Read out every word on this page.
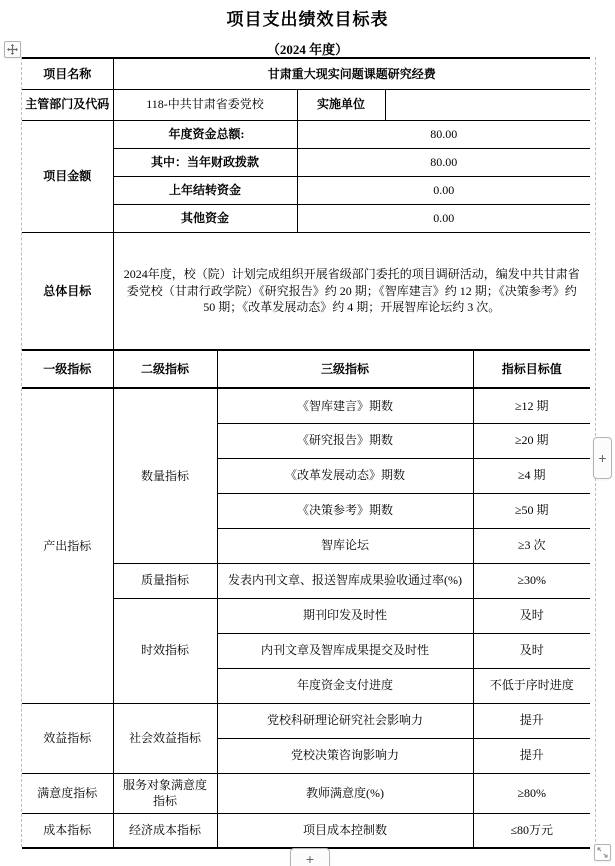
项目支出绩效目标表
（2024 年度）
项目名称	甘肃重大现实问题课题研究经费				
主管部门及代码	118-中共甘肃省委党校		实施单位		
项目金额	年度资金总额:		80.00		
	其中：当年财政拨款		80.00		
	上年结转资金		0.00		
	其他资金		0.00		
总体目标	2024年度，校（院）计划完成组织开展省级部门委托的项目调研活动，编发中共甘肃省委党校（甘肃行政学院）《研究报告》约 20 期；《智库建言》约 12 期；《决策参考》约 50 期；《改革发展动态》约 4 期；开展智库论坛约 3 次。				
一级指标	二级指标	三级指标			指标目标值
产出指标	数量指标	《智库建言》期数			≥12 期
		《研究报告》期数			≥20 期
		《改革发展动态》期数			≥4 期
		《决策参考》期数			≥50 期
		智库论坛			≥3 次
	质量指标	发表内刊文章、报送智库成果验收通过率(%)			≥30%
	时效指标	期刊印发及时性			及时
		内刊文章及智库成果提交及时性			及时
		年度资金支付进度			不低于序时进度
效益指标	社会效益指标	党校科研理论研究社会影响力			提升
		党校决策咨询影响力			提升
满意度指标	服务对象满意度指标	教师满意度(%)			≥80%
成本指标	经济成本指标	项目成本控制数			≤80万元
+
+
